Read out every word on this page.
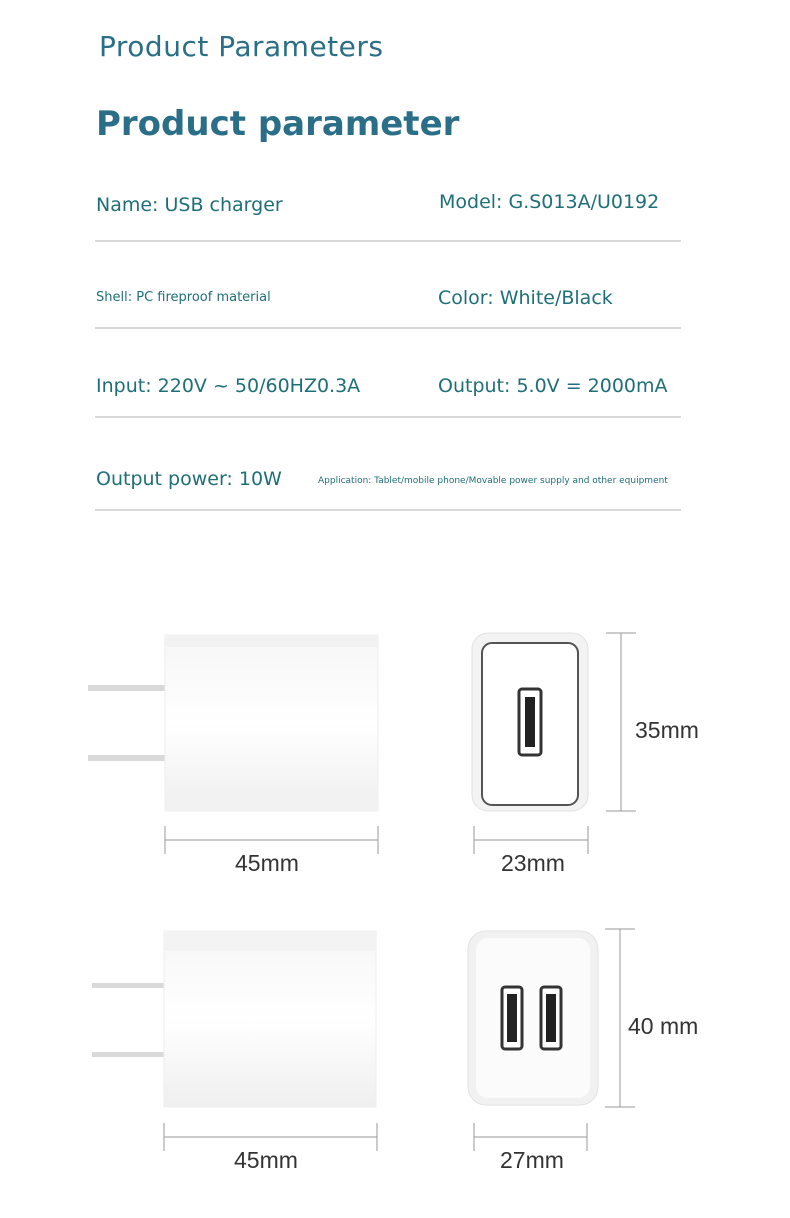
Product Parameters
Product parameter
Name: USB charger	Model: G.S013A/U0192
Shell: PC fireproof material	Color: White/Black
Input: 220V ~ 50/60HZ0.3A	Output: 5.0V = 2000mA
Output power: 10W	Application: Tablet/mobile phone/Movable power supply and other equipment
45mm	23mm
35mm
45mm	27mm
40 mm
